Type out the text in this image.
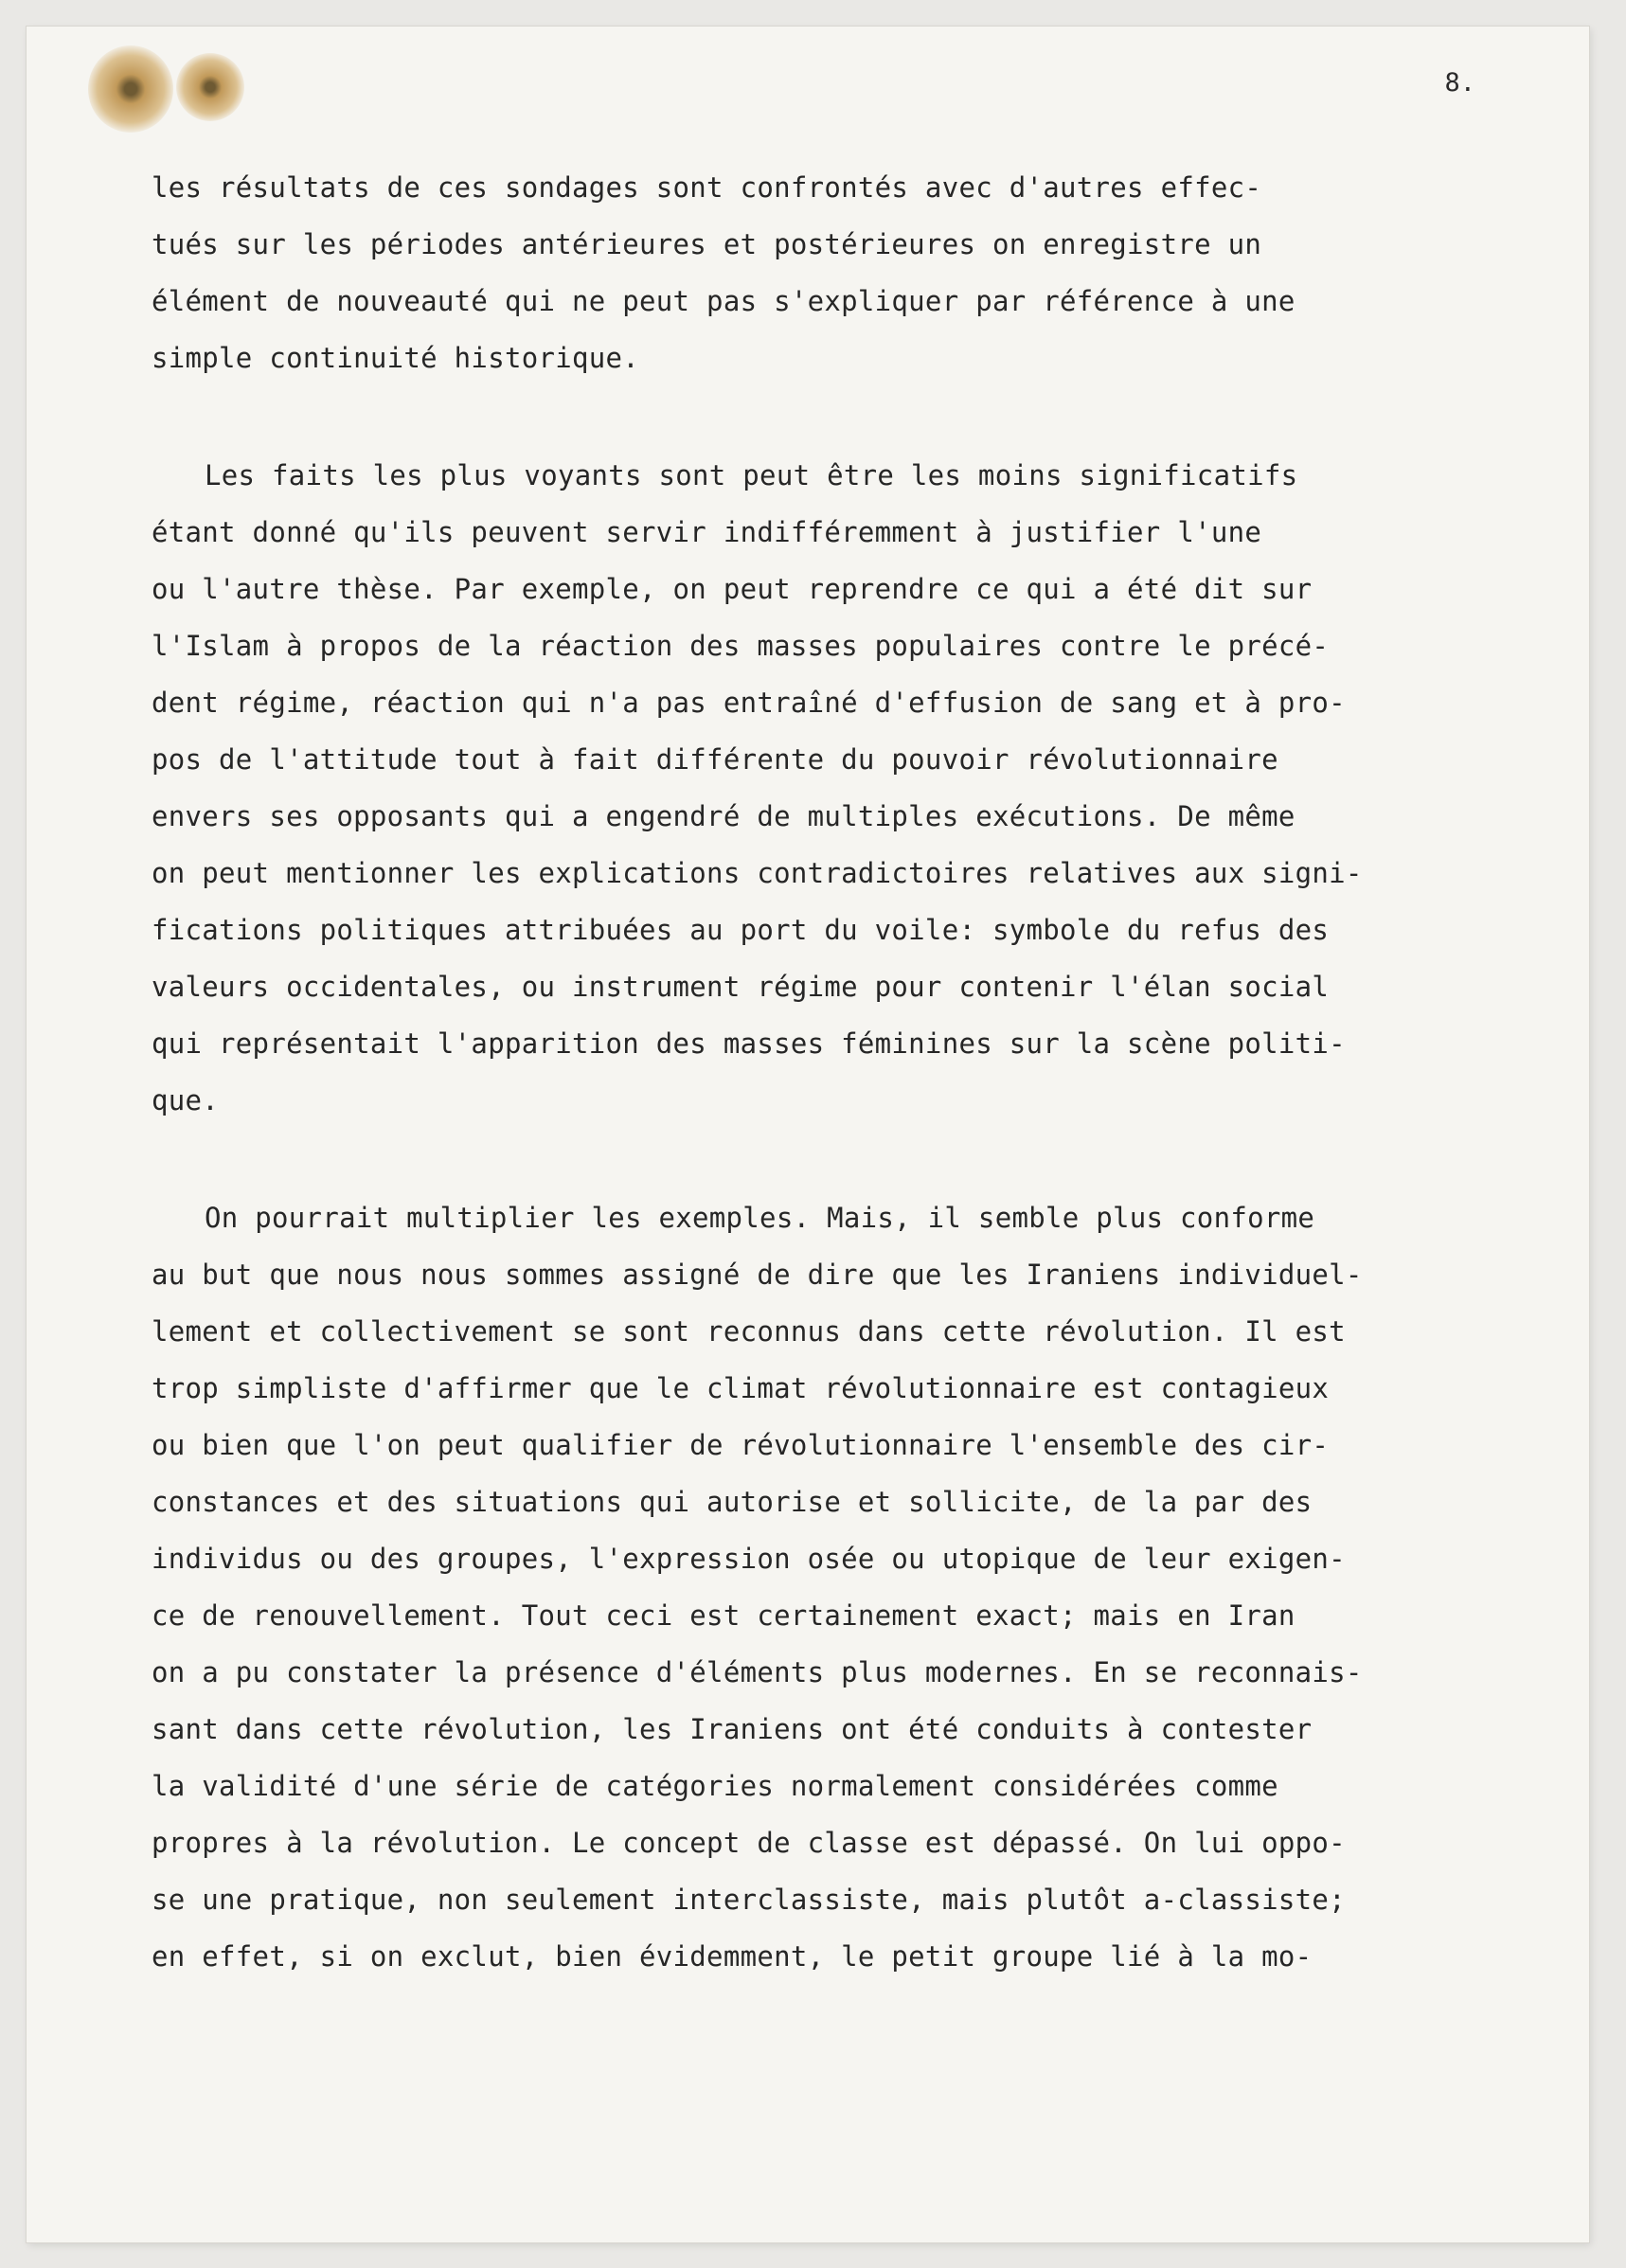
8.

les résultats de ces sondages sont confrontés avec d'autres effec-
tués sur les périodes antérieures et postérieures on enregistre un
élément de nouveauté qui ne peut pas s'expliquer par référence à une
simple continuité historique.

Les faits les plus voyants sont peut être les moins significatifs
étant donné qu'ils peuvent servir indifféremment à justifier l'une
ou l'autre thèse. Par exemple, on peut reprendre ce qui a été dit sur
l'Islam à propos de la réaction des masses populaires contre le précé-
dent régime, réaction qui n'a pas entraîné d'effusion de sang et à pro-
pos de l'attitude tout à fait différente du pouvoir révolutionnaire
envers ses opposants qui a engendré de multiples exécutions. De même
on peut mentionner les explications contradictoires relatives aux signi-
fications politiques attribuées au port du voile: symbole du refus des
valeurs occidentales, ou instrument régime pour contenir l'élan social
qui représentait l'apparition des masses féminines sur la scène politi-
que.

On pourrait multiplier les exemples. Mais, il semble plus conforme
au but que nous nous sommes assigné de dire que les Iraniens individuel-
lement et collectivement se sont reconnus dans cette révolution. Il est
trop simpliste d'affirmer que le climat révolutionnaire est contagieux
ou bien que l'on peut qualifier de révolutionnaire l'ensemble des cir-
constances et des situations qui autorise et sollicite, de la par des
individus ou des groupes, l'expression osée ou utopique de leur exigen-
ce de renouvellement. Tout ceci est certainement exact; mais en Iran
on a pu constater la présence d'éléments plus modernes. En se reconnais-
sant dans cette révolution, les Iraniens ont été conduits à contester
la validité d'une série de catégories normalement considérées comme
propres à la révolution. Le concept de classe est dépassé. On lui oppo-
se une pratique, non seulement interclassiste, mais plutôt a-classiste;
en effet, si on exclut, bien évidemment, le petit groupe lié à la mo-
